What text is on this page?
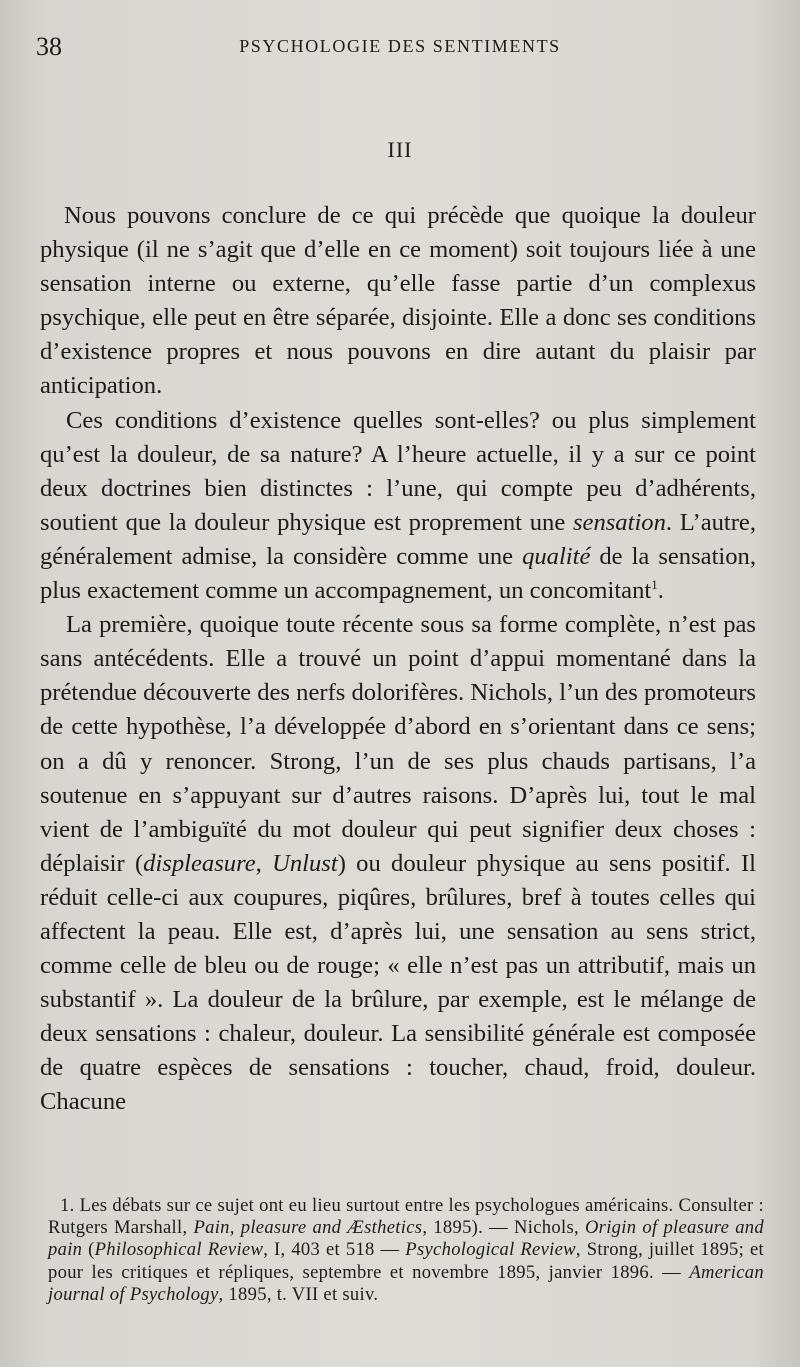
38	PSYCHOLOGIE DES SENTIMENTS
III

Nous pouvons conclure de ce qui précède que quoique la douleur physique (il ne s’agit que d’elle en ce moment) soit toujours liée à une sensation interne ou externe, qu’elle fasse partie d’un complexus psychique, elle peut en être séparée, disjointe. Elle a donc ses conditions d’existence propres et nous pouvons en dire autant du plaisir par anticipation.

Ces conditions d’existence quelles sont-elles? ou plus simplement qu’est la douleur, de sa nature? A l’heure actuelle, il y a sur ce point deux doctrines bien distinctes : l’une, qui compte peu d’adhérents, soutient que la douleur physique est proprement une sensation. L’autre, généralement admise, la considère comme une qualité de la sensation, plus exactement comme un accompagnement, un concomitant$^1$.

La première, quoique toute récente sous sa forme complète, n’est pas sans antécédents. Elle a trouvé un point d’appui momentané dans la prétendue découverte des nerfs dolorifères. Nichols, l’un des promoteurs de cette hypothèse, l’a développée d’abord en s’orientant dans ce sens; on a dû y renoncer. Strong, l’un de ses plus chauds partisans, l’a soutenue en s’appuyant sur d’autres raisons. D’après lui, tout le mal vient de l’ambiguïté du mot douleur qui peut signifier deux choses : déplaisir (displeasure, Unlust) ou douleur physique au sens positif. Il réduit celle-ci aux coupures, piqûres, brûlures, bref à toutes celles qui affectent la peau. Elle est, d’après lui, une sensation au sens strict, comme celle de bleu ou de rouge; « elle n’est pas un attributif, mais un substantif ». La douleur de la brûlure, par exemple, est le mélange de deux sensations : chaleur, douleur. La sensibilité générale est composée de quatre espèces de sensations : toucher, chaud, froid, douleur. Chacune

1. Les débats sur ce sujet ont eu lieu surtout entre les psychologues américains. Consulter : Rutgers Marshall, Pain, pleasure and Æsthetics, 1895). — Nichols, Origin of pleasure and pain (Philosophical Review, I, 403 et 518 — Psychological Review, Strong, juillet 1895; et pour les critiques et répliques, septembre et novembre 1895, janvier 1896. — American journal of Psychology, 1895, t. VII et suiv.
